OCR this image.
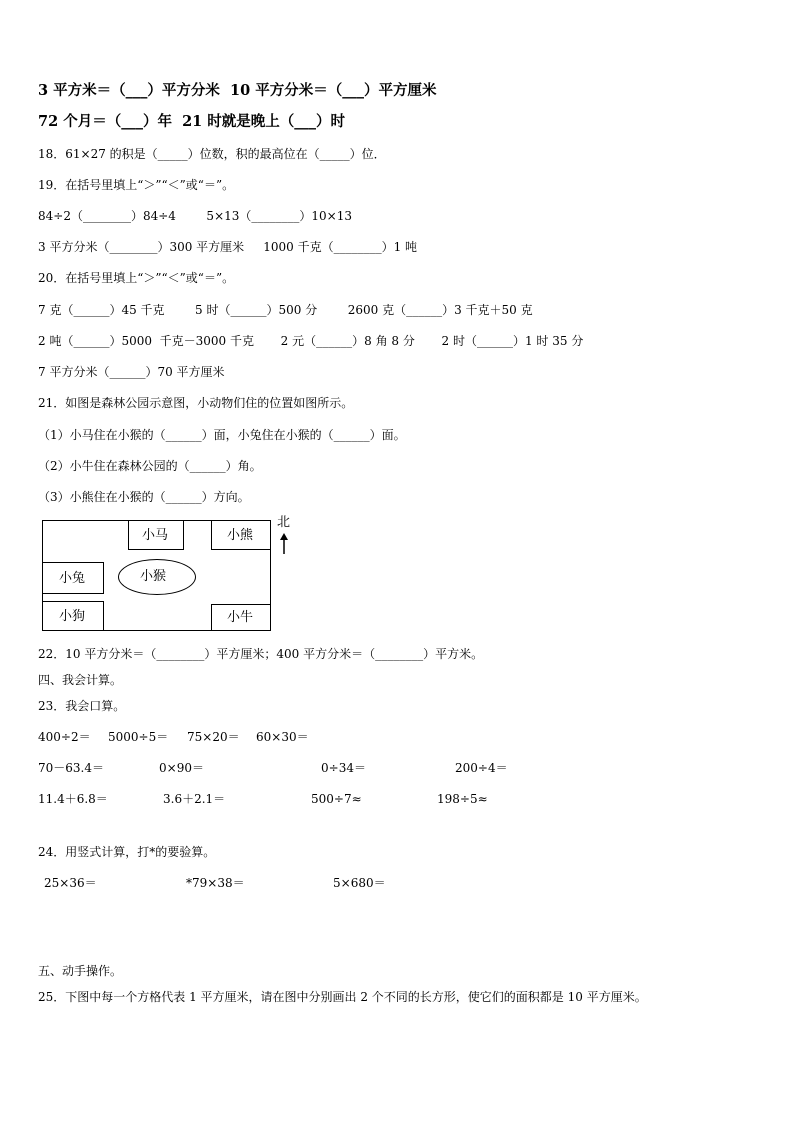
3 平方米＝（___）平方分米  10 平方分米＝（___）平方厘米
72 个月＝（___）年  21 时就是晚上（___）时
18．61×27 的积是（_____）位数，积的最高位在（_____）位．
19．在括号里填上“＞”“＜”或“＝”。
84÷2（________）84÷4        5×13（________）10×13
3 平方分米（________）300 平方厘米     1000 千克（________）1 吨
20．在括号里填上“＞”“＜”或“＝”。
7 克（______）45 千克        5 时（______）500 分        2600 克（______）3 千克＋50 克
2 吨（______）5000  千克－3000 千克       2 元（______）8 角 8 分       2 时（______）1 时 35 分
7 平方分米（______）70 平方厘米
21．如图是森林公园示意图，小动物们住的位置如图所示。
（1）小马住在小猴的（______）面，小兔住在小猴的（______）面。
（2）小牛住在森林公园的（______）角。
（3）小熊住在小猴的（______）方向。
小马	小熊
小兔	小猴
小狗	小牛
北
22．10 平方分米＝（________）平方厘米；400 平方分米＝（________）平方米。
四、我会计算。
23．我会口算。
400÷2＝ 5000÷5＝ 75×20＝ 60×30＝
70－63.4＝	0×90＝	0÷34＝	200÷4＝
11.4＋6.8＝	3.6＋2.1＝	500÷7≈	198÷5≈
24．用竖式计算，打*的要验算。
25×36＝	*79×38＝	5×680＝
五、动手操作。
25．下图中每一个方格代表 1 平方厘米，请在图中分别画出 2 个不同的长方形，使它们的面积都是 10 平方厘米。
